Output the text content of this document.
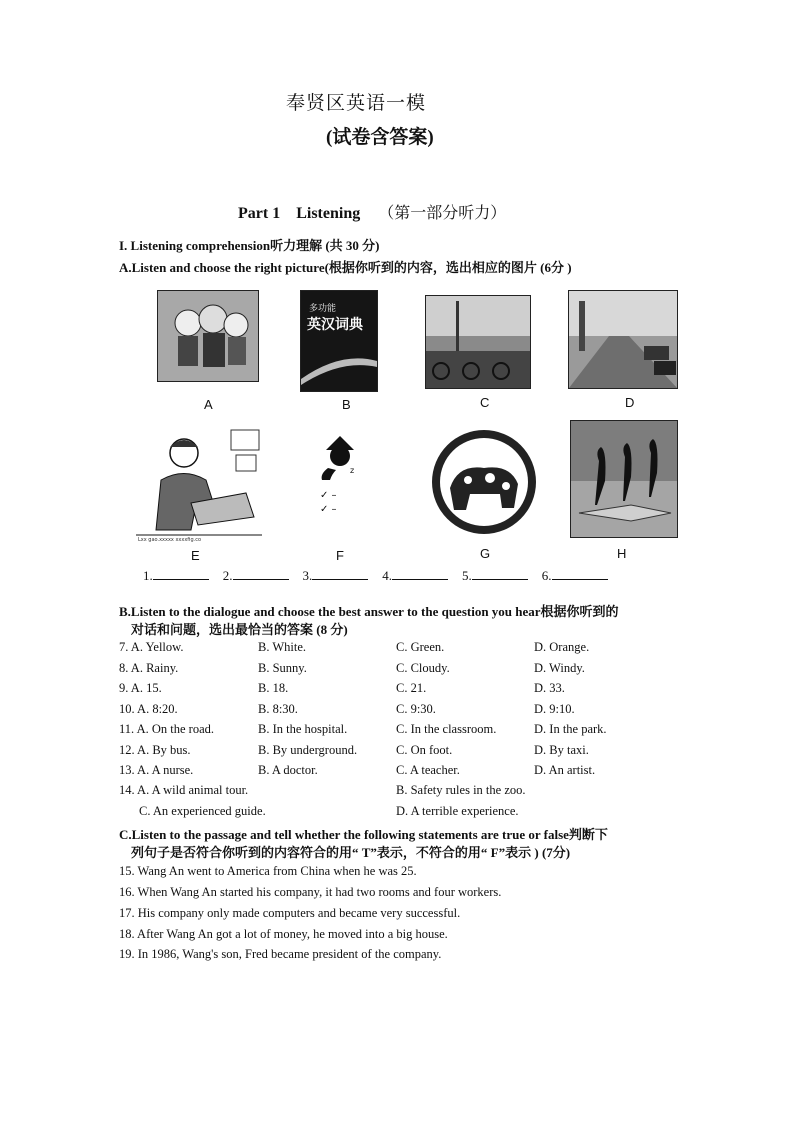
奉贤区英语一模
(试卷含答案)
Part 1 Listening （第一部分听力）
I. Listening comprehension听力理解 (共 30 分)
A.Listen and choose the right picture(根据你听到的内容，选出相应的图片 (6分 )
多功能
英汉词典
A	B	C	D
Lxx gao.xxxxx xxxxfig.co
z
✓ –
✓ –
E	F	G	H
1.	2.	3.	4.	5.	6.
B.Listen to the dialogue and choose the best answer to the question you hear根据你听到的
对话和问题，选出最恰当的答案 (8 分)
7. A. Yellow.	B. White.	C. Green.	D. Orange.
8. A. Rainy.	B. Sunny.	C. Cloudy.	D. Windy.
9. A. 15.	B. 18.	C. 21.	D. 33.
10. A. 8:20.	B. 8:30.	C. 9:30.	D. 9:10.
11. A. On the road.	B. In the hospital.	C. In the classroom.	D. In the park.
12. A. By bus.	B. By underground.	C. On foot.	D. By taxi.
13. A. A nurse.	B. A doctor.	C. A teacher.	D. An artist.
14. A. A wild animal tour.	B. Safety rules in the zoo.
C. An experienced guide.	D. A terrible experience.
C.Listen to the passage and tell whether the following statements are true or false判断下
列句子是否符合你听到的内容符合的用“ T”表示，不符合的用“ F”表示 ) (7分)
15. Wang An went to America from China when he was 25.
16. When Wang An started his company, it had two rooms and four workers.
17. His company only made computers and became very successful.
18. After Wang An got a lot of money, he moved into a big house.
19. In 1986, Wang's son, Fred became president of the company.
